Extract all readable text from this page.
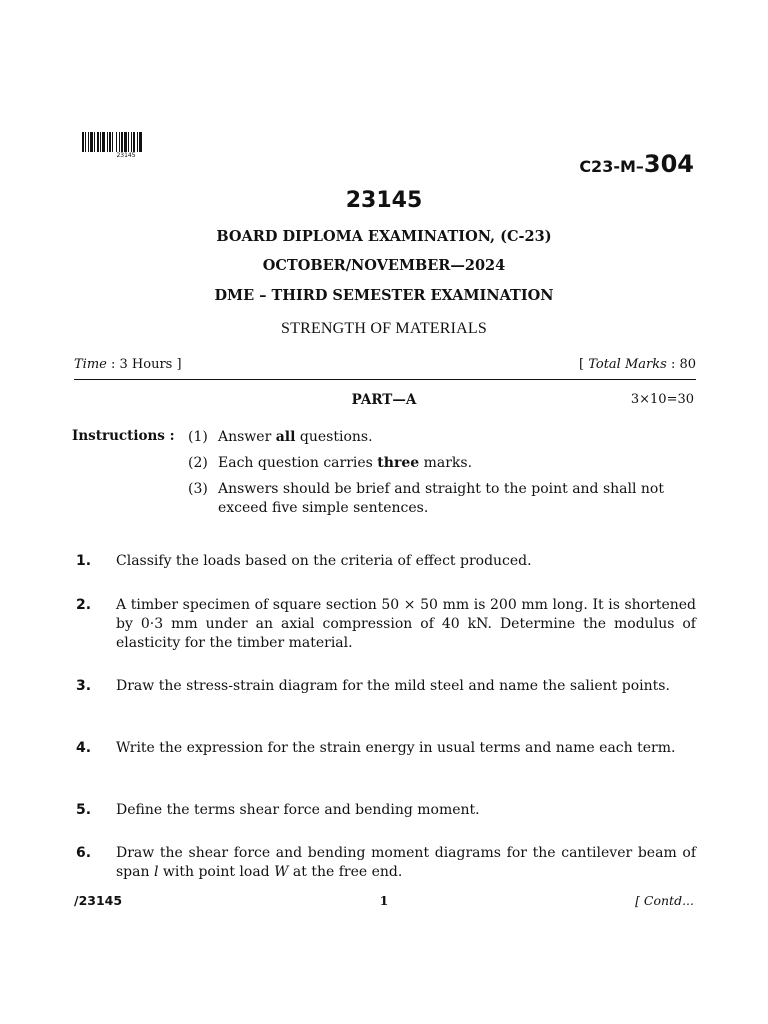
23145
C23-M–304
23145
BOARD DIPLOMA EXAMINATION, (C-23)
OCTOBER/NOVEMBER—2024
DME – THIRD SEMESTER EXAMINATION
STRENGTH OF MATERIALS
Time : 3 Hours ]	[ Total Marks : 80
PART—A	3×10=30
Instructions : (1) Answer all questions.
(2) Each question carries three marks.
(3) Answers should be brief and straight to the point and shall not exceed five simple sentences.
1.	Classify the loads based on the criteria of effect produced.
2.	A timber specimen of square section 50 × 50 mm is 200 mm long. It is shortened by 0·3 mm under an axial compression of 40 kN. Determine the modulus of elasticity for the timber material.
3.	Draw the stress-strain diagram for the mild steel and name the salient points.
4.	Write the expression for the strain energy in usual terms and name each term.
5.	Define the terms shear force and bending moment.
6.	Draw the shear force and bending moment diagrams for the cantilever beam of span l with point load W at the free end.
/23145	1	[ Contd...
